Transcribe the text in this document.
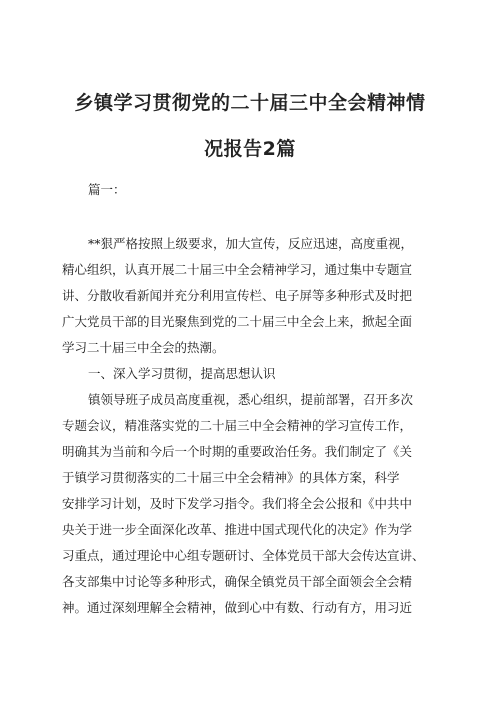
乡镇学习贯彻党的二十届三中全会精神情
况报告2篇

篇一：

**狠严格按照上级要求，加大宣传，反应迅速，高度重视，

精心组织，认真开展二十届三中全会精神学习，通过集中专题宣

讲、分散收看新闻并充分利用宣传栏、电子屏等多种形式及时把

广大党员干部的目光聚焦到党的二十届三中全会上来，掀起全面

学习二十届三中全会的热潮。

一、深入学习贯彻，提高思想认识

镇领导班子成员高度重视，悉心组织，提前部署，召开多次

专题会议，精准落实党的二十届三中全会精神的学习宣传工作，

明确其为当前和今后一个时期的重要政治任务。我们制定了《关

于镇学习贯彻落实的二十届三中全会精神》的具体方案，科学

安排学习计划，及时下发学习指令。我们将全会公报和《中共中

央关于进一步全面深化改革、推进中国式现代化的决定》作为学

习重点，通过理论中心组专题研讨、全体党员干部大会传达宣讲、

各支部集中讨论等多种形式，确保全镇党员干部全面领会全会精

神。通过深刻理解全会精神，做到心中有数、行动有方，用习近
